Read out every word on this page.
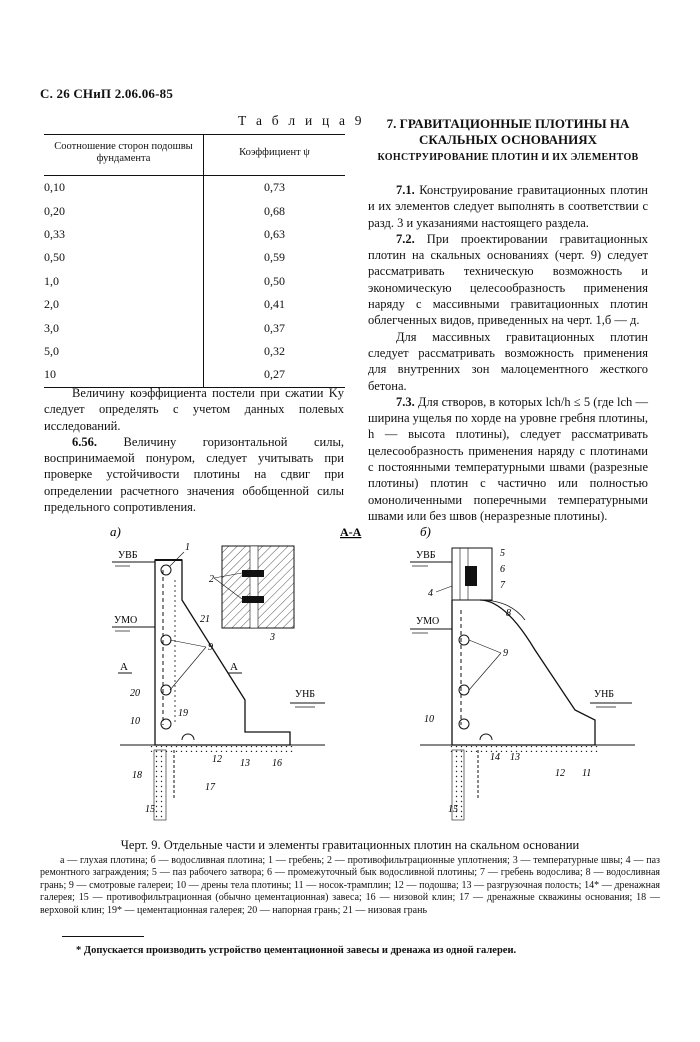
С. 26 СНиП 2.06.06-85
Т а б л и ц а 9
Соотношение сторон подошвы фундамента	Коэффициент ψ
0,10	0,73
0,20	0,68
0,33	0,63
0,50	0,59
1,0	0,50
2,0	0,41
3,0	0,37
5,0	0,32
10	0,27

Величину коэффициента постели при сжатии Kу следует определять с учетом данных полевых исследований.

6.56. Величину горизонтальной силы, воспринимаемой понуром, следует учитывать при проверке устойчивости плотины на сдвиг при определении расчетного значения обобщенной силы предельного сопротивления.

7. ГРАВИТАЦИОННЫЕ ПЛОТИНЫ НА СКАЛЬНЫХ ОСНОВАНИЯХ
КОНСТРУИРОВАНИЕ ПЛОТИН И ИХ ЭЛЕМЕНТОВ

7.1. Конструирование гравитационных плотин и их элементов следует выполнять в соответствии с разд. 3 и указаниями настоящего раздела.

7.2. При проектировании гравитационных плотин на скальных основаниях (черт. 9) следует рассматривать техническую возможность и экономическую целесообразность применения наряду с массивными гравитационных плотин облегченных видов, приведенных на черт. 1,б — д.

Для массивных гравитационных плотин следует рассматривать возможность применения для внутренних зон малоцементного жесткого бетона.

7.3. Для створов, в которых lch/h ≤ 5 (где lch — ширина ущелья по хорде на уровне гребня плотины, h — высота плотины), следует рассматривать целесообразность применения наряду с плотинами с постоянными температурными швами (разрезные плотины) плотин с частично или полностью омоноличенными поперечными температурными швами или без швов (неразрезные плотины).

а)	А-А	б)
УВБ
УМО
УНБ
А	А
1
21
9
20
10
19
18
12 13 16
17
15
2
3
УВБ
УМО
УНБ
5
6
7
8
4
9
10
14 13
12 11
15
Черт. 9. Отдельные части и элементы гравитационных плотин на скальном основании
а — глухая плотина; б — водосливная плотина; 1 — гребень; 2 — противофильтрационные уплотнения; 3 — температурные швы; 4 — паз ремонтного заграждения; 5 — паз рабочего затвора; 6 — промежуточный бык водосливной плотины; 7 — гребень водослива; 8 — водосливная грань; 9 — смотровые галереи; 10 — дрены тела плотины; 11 — носок-трамплин; 12 — подошва; 13 — разгрузочная полость; 14* — дренажная галерея; 15 — противофильтрационная (обычно цементационная) завеса; 16 — низовой клин; 17 — дренажные скважины основания; 18 — верховой клин; 19* — цементационная галерея; 20 — напорная грань; 21 — низовая грань
* Допускается производить устройство цементационной завесы и дренажа из одной галереи.
